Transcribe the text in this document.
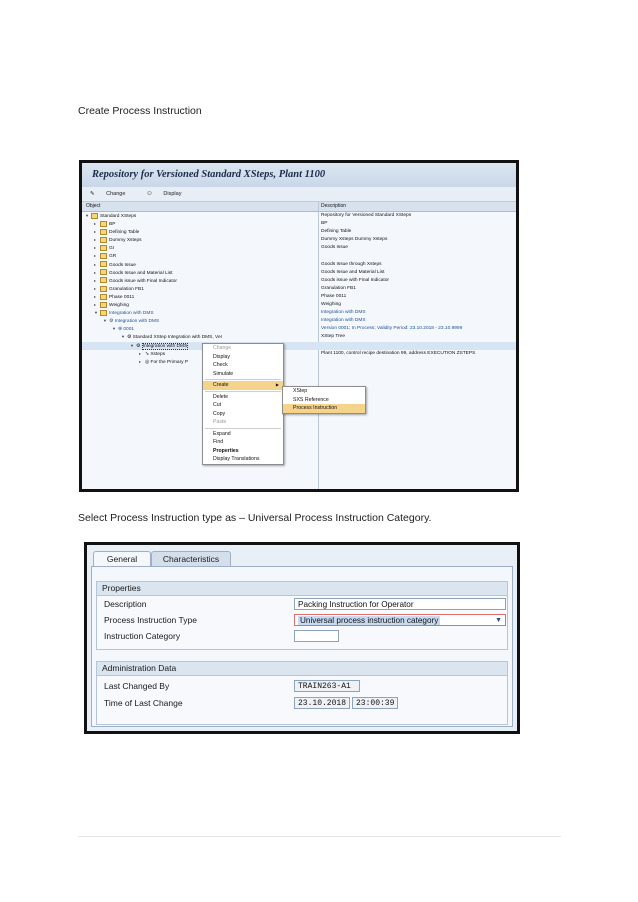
Create Process Instruction
Repository for Versioned Standard XSteps, Plant 1100
✎ Change	⚇ Display
Object	Description
▼ Standard XSteps	Repository for Versioned Standard XSteps
▸	BP	BP
▸	Defining Table	Defining Table
▸	Dummy Xsteps	Dummy Xsteps Dummy Xsteps
▸	GI	Goods Issue
▸	GR
▸	Goods Issue	Goods Issue through Xsteps
▸	Goods Issue and Material List	Goods Issue and Material List
▸	Goods issue with Final Indicator	Goods issue with Final Indicator
▸	Granulation FB1	Granulation FB1
▸	Phase 0011	Phase 0011
▸	Weighing	Weighing
▼ Integration with DMS	Integration with DMS
▼ ⚙ Integration with DMS	Integration with DMS
▼ ⊛ 0001	Version 0001; In Process; Validity Period: 23.10.2018 - 23.10.9999
▼ ⚙ Standard XStep Integration with DMS, Ver	XStep Tree
▼ ⚙ Integration with DMS
▸ ➘ Xsteps	Plant 1100, control recipe destination 99, address EXECUTION ZSTEPS
▸ ◎ For the Primary P
Change
Display
Check
Simulate
Create	▶
Delete
Cut
Copy
Paste
Expand
Find
Properties
Display Translations
XStep
SXS Reference
Process Instruction
Select Process Instruction type as – Universal Process Instruction Category.
General	Characteristics
Properties
Description	Packing Instruction for Operator
Process Instruction Type	Universal process instruction category	▼
Instruction Category
Administration Data
Last Changed By	TRAIN263-A1
Time of Last Change	23.10.2018	23:00:39
